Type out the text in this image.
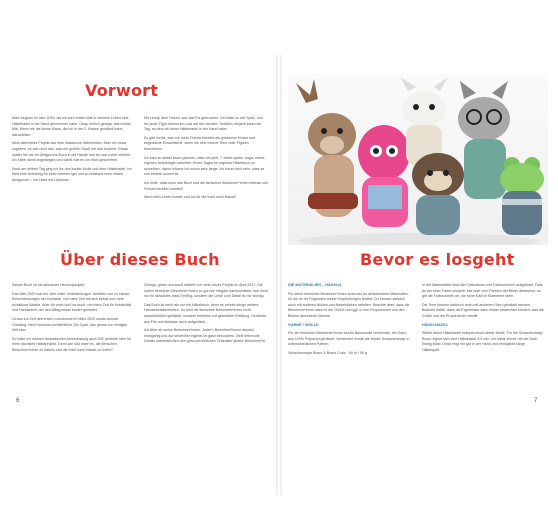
Vorwort

Alles begann im Jahr 2015, als ich zum ersten Mal in meinem Leben eine Häkelnadel in die Hand genommen habe. Okay, ehrlich gesagt, das zweite Mal. Wenn wir die kleine Maus, die ich in der 2. Klasse gehäkelt habe, dazuzählen.

Mein allererstes Projekt war eine klassische Häkelmütze. Aber ich muss zugeben, es war nicht das, was mir großen Spaß mit sich brachte. Etwas später fiel mir ein Amigurumi-Buch in die Hände und ich war sofort verliebt. Ich habe damit angefangen und damit war es um mich geschehen.

Noch am selben Tag ging ich los und kaufte Wolle und eine Häkelnadel. Ich fand eine Anleitung für einen kleinen Igel und so entstand mein erstes Amigurumi – ein Hase mit Latzhose.

Mit Lenny, dem Hasen, war das Eis gebrochen. Ich hatte so viel Spaß, und bei jeder Figur bekam ich Lust auf die nächste. Seitdem vergeht kaum ein Tag, an dem ich keine Häkelnadel in der Hand habe.

Es gibt nichts, was mir mehr Freude bereitet als glückliche Kinder und begeisterte Erwachsene, wenn sie eine meiner Tiere oder Figuren bekommen.

Ich kam zu selbst kaum glauben, dass ich jetzt, 7 Jahre später, sogar meine eigenen Anleitungen schreibe. Eines Tages ein eigenes Häkelbuch zu schreiben, davon träume ich schon sehr lange. Ich freue mich sehr, dass es nun endlich soweit ist.

Ich hoffe, dass euch das Buch und die tierischen Bewohner*innen ebenso viel Freude bereiten werden!

Mach dein Leben bunter und hol dir die Insel nach Hause!

Über dieses Buch

Dieses Buch ist ein absolutes Herzensprojekt.

Das Jahr 2020 war ein Jahr voller Veränderungen. Arbeiten von zu Hause, Einschränkungen der Kontakte, viel mehr Zeit mit sich selbst und viele schlaflose Nächte. Aber für mich hieß es auch: viel mehr Zeit für Kreativität und Handarbeit, der den Alltag etwas bunter gestaltet.

Genau zur Zeit des ersten Lockdowns im März 2020 wurde Animal Crossing: New Horizons veröffentlicht. Ein Spiel, das genau zur richtigen Zeit kam.

So hatte ich meinen fantastischen Abwechslung auch DIE perfekte Idee für mein nächstes Häkelprojekt. Denn wie süß wäre es, die tierischen Bewohner*innen zu häkeln und die Insel nach Hause zu holen?

Gesagt, getan und somit startete ich mein neues Projekt im April 2021. Die süßen tierischen Bewohner*innen so gut wie möglich nachzuhäkeln, war nicht nur für absolutes Insel-Feeling, sondern die Liebe zum Detail ist mir wichtig.

Das Buch ist mehr als nur ein Häkelbuch, denn es vereint einige weitere Handarbeitstechniken. So sind die tierischen Bewohner*innen nicht ausschließlich gehäkelt, sondern teilweise mit gestrickter Kleidung, Gesichter aus Filz und teilweise auch aufgestickt.

Ich liebe all meine Bewohner*innen. Jeder*r Bewohner*innen absolut einzigartig und auf seine/ihre eigene Art ganz besonders. Viele liebevolle Details unterstreichen den ganz persönlichen Charakter jeder/r Bewohner*in.

6
Bevor es losgeht

DIE MATERIALIEN – HÄKELN

Für deine tierischen Bewohner*innen brauchst du verschiedene Materialien, für die du im Folgenden meine Empfehlungen findest. Du kannst natürlich auch mit anderen Wollen und Nadelstärken arbeiten. Beachte aber, dass die Bewohner*innen dann in der Größe und ggf. in den Proportionen von den Bildern abweichen können.

GARNE / WOLLE

Für die tierischen Bewohner*innen wurde Baumwolle verwendet, ein Garn aus 100% Polyacryl gehäkelt. Verwendet wurde die Marke Schachenmayr in unterschiedlichen Farben.

Schachenmayr Bravo & Bravo Color · 50 m / 50 g

In der Materialliste sind alle Farbnamen und Farbnummern aufgelistet. Falls du bei einer Farbe unsicher bist oder vom Farbton der Bilder abweichst, so gib die Farbnummer an, die beim Kauf in Klammern steht.

Die Tiere können natürlich auch mit anderem Garn gehäkelt werden. Beachte dabei, dass die Ergebnisse dann etwas abweichen können, was die Größe und die Proportionen betrifft.

HÄKELNADEL

Wähle deine Häkelnadel entsprechend deiner Wolle. Für die Schachenmayr Bravo eignet sich eine Häkelnadel 3,5 mm. Ich häkle immer mit der Addi Swing Maxi. Diese liegt mir gut in der Hand und ermöglicht lange Häkelspaß.

7
